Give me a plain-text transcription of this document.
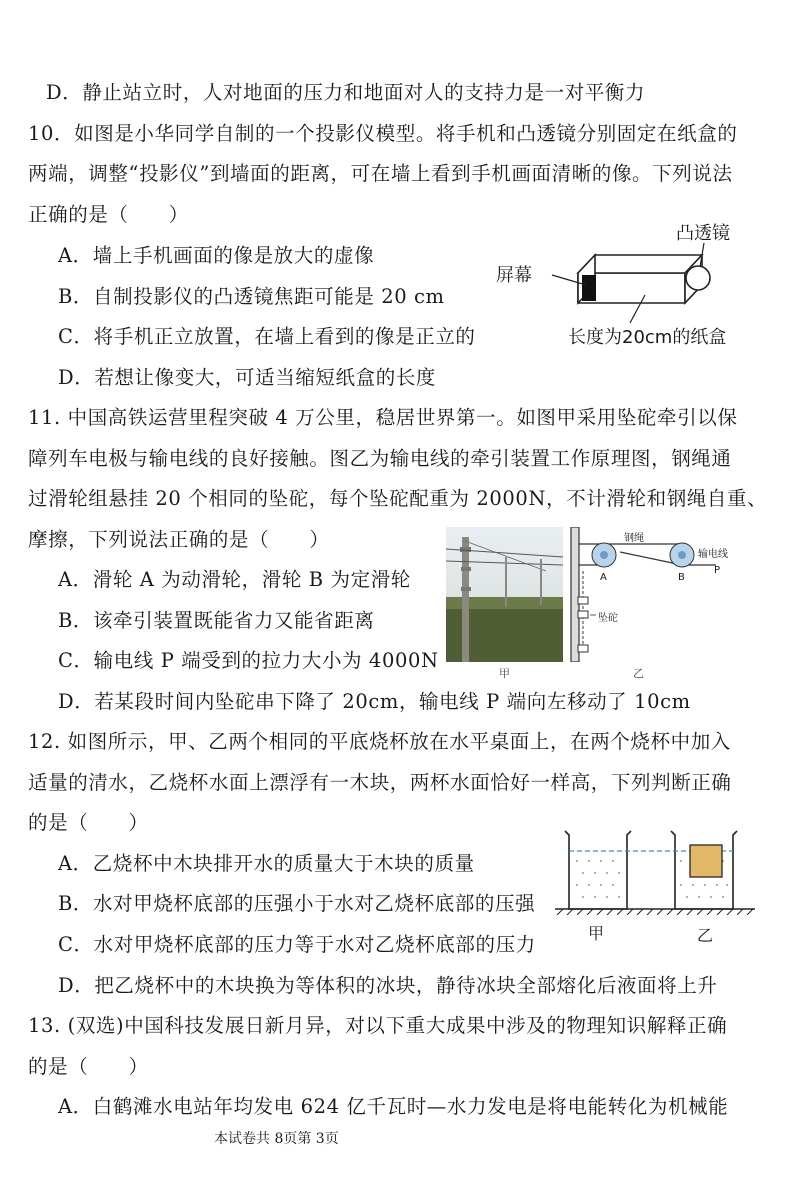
D．静止站立时，人对地面的压力和地面对人的支持力是一对平衡力
10．如图是小华同学自制的一个投影仪模型。将手机和凸透镜分别固定在纸盒的
两端，调整“投影仪”到墙面的距离，可在墙上看到手机画面清晰的像。下列说法
正确的是（　　）
A．墙上手机画面的像是放大的虚像
B．自制投影仪的凸透镜焦距可能是 20 cm
C．将手机正立放置，在墙上看到的像是正立的
D．若想让像变大，可适当缩短纸盒的长度
凸透镜
屏幕
长度为20cm的纸盒
11. 中国高铁运营里程突破 4 万公里，稳居世界第一。如图甲采用坠砣牵引以保
障列车电极与输电线的良好接触。图乙为输电线的牵引装置工作原理图，钢绳通
过滑轮组悬挂 20 个相同的坠砣，每个坠砣配重为 2000N，不计滑轮和钢绳自重、
摩擦，下列说法正确的是（　　）
A．滑轮 A 为动滑轮，滑轮 B 为定滑轮
B．该牵引装置既能省力又能省距离
C．输电线 P 端受到的拉力大小为 4000N
D．若某段时间内坠砣串下降了 20cm，输电线 P 端向左移动了 10cm
甲
钢绳
输电线
A	B
P
坠砣
乙
12. 如图所示，甲、乙两个相同的平底烧杯放在水平桌面上，在两个烧杯中加入
适量的清水，乙烧杯水面上漂浮有一木块，两杯水面恰好一样高，下列判断正确
的是（　　）
A．乙烧杯中木块排开水的质量大于木块的质量
B．水对甲烧杯底部的压强小于水对乙烧杯底部的压强
C．水对甲烧杯底部的压力等于水对乙烧杯底部的压力
D．把乙烧杯中的木块换为等体积的冰块，静待冰块全部熔化后液面将上升
甲	乙
13. (双选)中国科技发展日新月异，对以下重大成果中涉及的物理知识解释正确
的是（　　）
A．白鹤滩水电站年均发电 624 亿千瓦时—水力发电是将电能转化为机械能
本试卷共 8页第 3页
